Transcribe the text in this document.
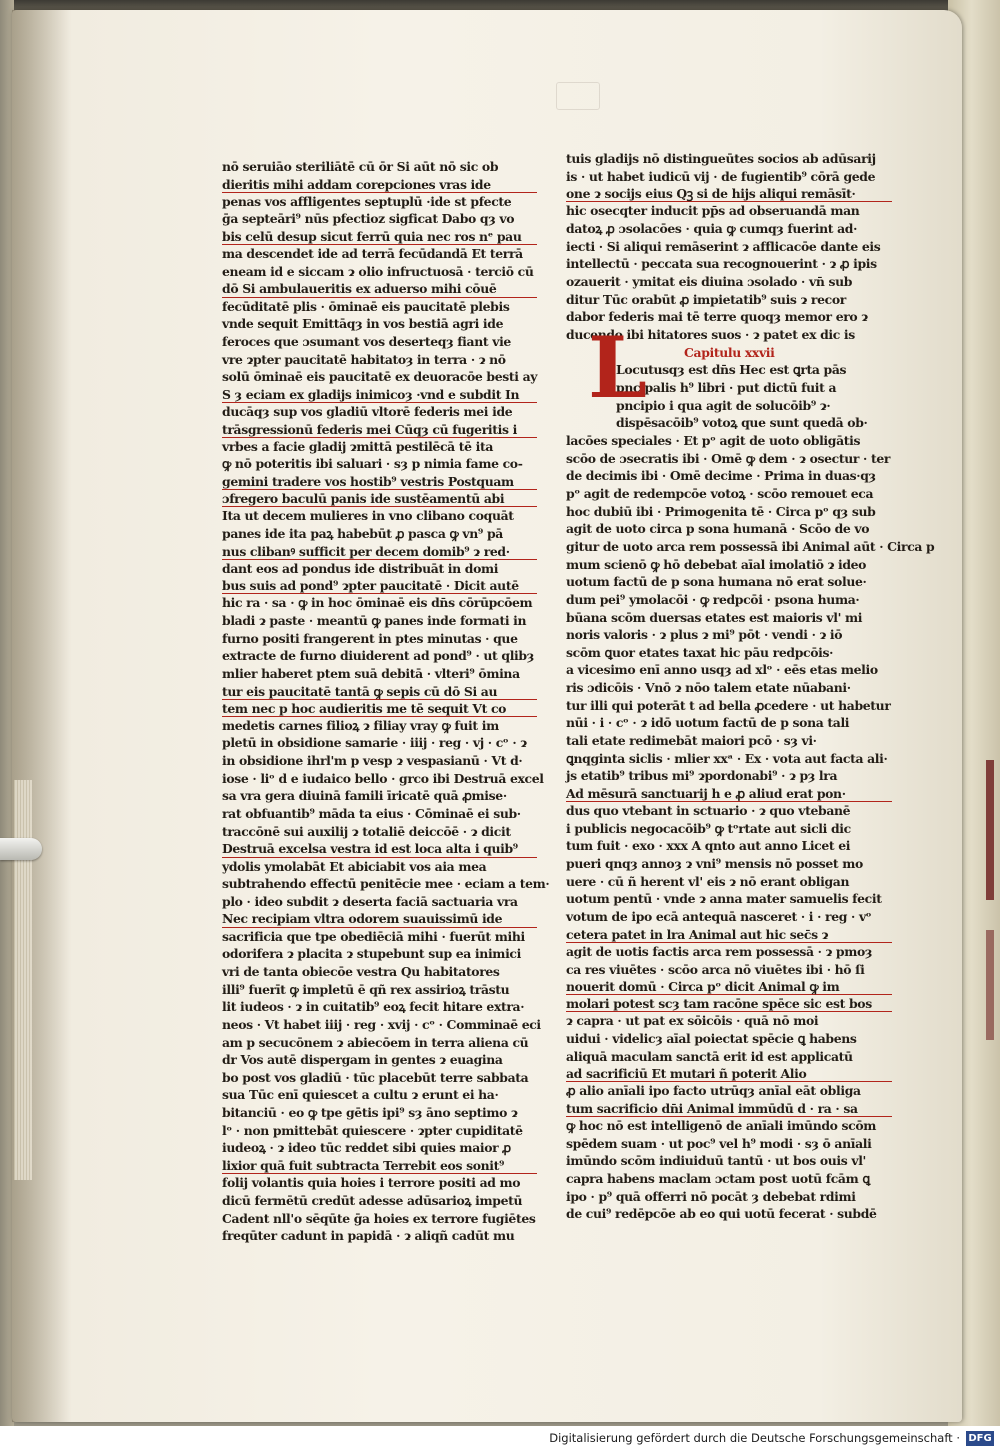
nō seruiāo steriliātē cū ōr Si aūt nō sic ob
dieritis mihi addam corepciones vras ide
penas vos affligentes septuplū ·ide st pfecte
ḡa septeāri⁹ nūs pfectioz sigficat Dabo qȝ vo
bis celū desup sicut ferrū quia nec ros nᵉ pau
ma descendet ide ad terrā fecūdandā Et terrā
eneam id e siccam ɂ olio infructuosā · terciō cū
dō Si ambulaueritis ex aduerso mihi cōuē
fecūditatē plis · ōminaē eis paucitatē plebis
vnde sequit Emittāqȝ in vos bestiā agri ide
feroces que ɔsumant vos deserteqȝ fiant vie
vre ɂpter paucitatē habitatoȝ in terra · ɂ nō
solū ōminaē eis paucitatē ex deuoracōe besti ay
S ȝ eciam ex gladijs inimicoȝ ·vnd e subdit In
ducāqȝ sup vos gladiū vltorē federis mei ide
trāsgressionū federis mei Cūqȝ cū fugeritis i
vrbes a facie gladij ɂmittā pestilēcā tē ita
ꝙ nō poteritis ibi saluari · sȝ p nimia fame co-
gemini tradere vos hostib⁹ vestris Postquam
ɔfregero baculū panis ide sustēamentū abi
Ita ut decem mulieres in vno clibano coquāt
panes ide ita paꝝ habebūt ꝓ pasca ꝙ vn⁹ pā
nus clibanꝰ sufficit per decem domib⁹ ɂ red·
dant eos ad pondus ide distribuāt in domi
bus suis ad pond⁹ ɂpter paucitatē · Dicit autē
hic ra · sa · ꝙ in hoc ōminaē eis dn̄s cōrūpcōem
bladi ɂ paste · meantū ꝙ panes inde formati in
furno positi frangerent in ptes minutas · que
extracte de furno diuiderent ad pond⁹ · ut qlibȝ
mlier haberet ptem suā debitā · vlteri⁹ ōmina
tur eis paucitatē tantā ꝙ sepis cū dō Si au
tem nec p hoc audieritis me tē sequit Vt co
medetis carnes filioꝝ ɂ filiay vray ꝙ fuit im
pletū in obsidione samarie · iiij · reg · vj · cᵒ · ɂ
in obsidione ihrl'm p vesp ɂ vespasianū · Vt d·
iose · liᵒ d e iudaico bello · grco ibi Destruā excel
sa vra gera diuinā famili īricatē quā ꝓmise·
rat obfuantib⁹ māda ta eius · Cōminaē ei sub·
traccōnē sui auxilij ɂ totaliē deiccōē · ɂ dicit
Destruā excelsa vestra id est loca alta i quib⁹
ydolis ymolabāt Et abiciabit vos aia mea
subtrahendo effectū penitēcie mee · eciam a tem·
plo · ideo subdit ɂ deserta faciā sactuaria vra
Nec recipiam vltra odorem suauissimū ide
sacrificia que tpe obediēciā mihi · fuerūt mihi
odorifera ɂ placita ɂ stupebunt sup ea inimici
vri de tanta obiecōe vestra Qu habitatores
illi⁹ fuerīt ꝙ impletū ē qñ rex assirioꝝ trāstu
lit iudeos · ɂ in cuitatib⁹ eoꝝ fecit hitare extra·
neos · Vt habet iiij · reg · xvij · cᵒ · Comminaē eci
am p secucōnem ɂ abiecōem in terra aliena cū
dr Vos autē dispergam in gentes ɂ euagina
bo post vos gladiū · tūc placebūt terre sabbata
sua Tūc enī quiescet a cultu ɂ erunt ei ha·
bitanciū · eo ꝙ tpe gētis ipi⁹ sȝ āno septimo ɂ
lᵒ · non pmittebāt quiescere · ɂpter cupiditatē
iudeoꝝ · ɂ ideo tūc reddet sibi quies maior ꝓ
lixior quā fuit subtracta Terrebit eos sonit⁹
folij volantis quia hoies i terrore positi ad mo
dicū fermētū credūt adesse adūsarioꝝ impetū
Cadent nll'o sēqūte ḡa hoies ex terrore fugiētes
freqūter cadunt in papidā · ɂ aliqñ cadūt mu
tuis gladijs nō distingueūtes socios ab adūsarij
is · ut habet iudicū vij · de fugientib⁹ cōrā gede
one ɂ socijs eius Qꝫ si de hijs aliqui remāsīt·
hic osecqter inducit pp̄s ad obseruandā man
datoꝝ ꝓ ɔsolacōes · quia ꝙ cumqȝ fuerint ad·
iecti · Si aliqui remāserint ɂ afflicacōe dante eis
intellectū · peccata sua recognouerint · ɂ ꝓ ipis
ozauerit · ymitat eis diuina ɔsolado · vn̄ sub
ditur Tūc orabūt ꝓ impietatib⁹ suis ɂ recor
dabor federis mai tē terre quoqȝ memor ero ɂ
ducendo ibi hitatores suos · ɂ patet ex dic is
Capitulu xxvii
Locutusqȝ est dn̄s Hec est ꝗrta pās
pncipalis h⁹ libri · put dictū fuit a
pncipio i qua agit de solucōib⁹ ɂ·
dispēsacōib⁹ votoꝝ que sunt quedā ob·
lacōes speciales · Et pᵒ agit de uoto obligātis
scōo de ɔsecratis ibi · Omē ꝙ dem · ɂ osectur · ter
de decimis ibi · Omē decime · Prima in duas·qȝ
pᵒ agit de redempcōe votoꝝ · scōo remouet eca
hoc dubiū ibi · Primogenita tē · Circa pᵒ qȝ sub
agit de uoto circa p sona humanā · Scōo de vo
gitur de uoto arca rem possessā ibi Animal aūt · Circa p
mum scienō ꝙ hō debebat aīal imolatiō ɂ ideo
uotum factū de p sona humana nō erat solue·
dum pei⁹ ymolacōi · ꝙ redpcōi · psona huma·
būana scōm duersas etates est maioris vl' mi
noris valoris · ɂ plus ɂ mi⁹ pōt · vendi · ɂ iō
scōm ꝗuor etates taxat hic pāu redpcōis·
a vicesimo enī anno usqȝ ad xlᵒ · eēs etas melio
ris ɔdicōis · Vnō ɂ nōo talem etate nūabani·
tur illi qui poterāt t ad bella ꝓcedere · ut habetur
nūi · i · cᵒ · ɂ idō uotum factū de p sona tali
tali etate redimebāt maiori pcō · sȝ vi·
ꝗnqginta siclis · mlier xxᵃ · Ex · vota aut facta ali·
js etatib⁹ tribus mi⁹ ɂpordonabi⁹ · ɂ pȝ lra
Ad mēsurā sanctuarij h e ꝓ aliud erat pon·
dus quo vtebant in sctuario · ɂ quo vtebanē
i publicis negocacōib⁹ ꝙ tᵒrtate aut sicli dic
tum fuit · exo · xxx A qnto aut anno Licet ei
pueri qnqȝ annoȝ ɂ vni⁹ mensis nō posset mo
uere · cū ñ herent vl' eis ɂ nō erant obligan
uotum pentū · vnde ɂ anna mater samuelis fecit
votum de ipo ecā antequā nasceret · i · reg · vᵒ
cetera patet in lra Animal aut hic sec̄s ɂ
agit de uotis factis arca rem possessā · ɂ pmoȝ
ca res viuētes · scōo arca nō viuētes ibi · hō ſi
nouerit domū · Circa pᵒ dicit Animal ꝙ im
molari potest scȝ tam racōne spēce sic est bos
ɂ capra · ut pat ex sōicōis · quā nō moi
uidui · videlicȝ aīal poiectat spēcie ꝗ habens
aliquā maculam sanctā erit id est applicatū
ad sacrificiū Et mutari ñ poterit Alio
ꝓ alio anīali ipo facto utrūqȝ anīal eāt obliga
tum sacrificio dn̄i Animal immūdū d · ra · sa
ꝙ hoc nō est intelligenō de anīali imūndo scōm
spēdem suam · ut poc⁹ vel h⁹ modi · sȝ ō anīali
imūndo scōm indiuiduū tantū · ut bos ouis vl'
capra habens maclam ɔctam post uotū fcām ꝗ
ipo · p⁹ quā offerri nō pocāt ȝ debebat rdimi
de cui⁹ redēpcōe ab eo qui uotū fecerat · subdē
L
Digitalisierung gefördert durch die Deutsche Forschungsgemeinschaft · DFG
